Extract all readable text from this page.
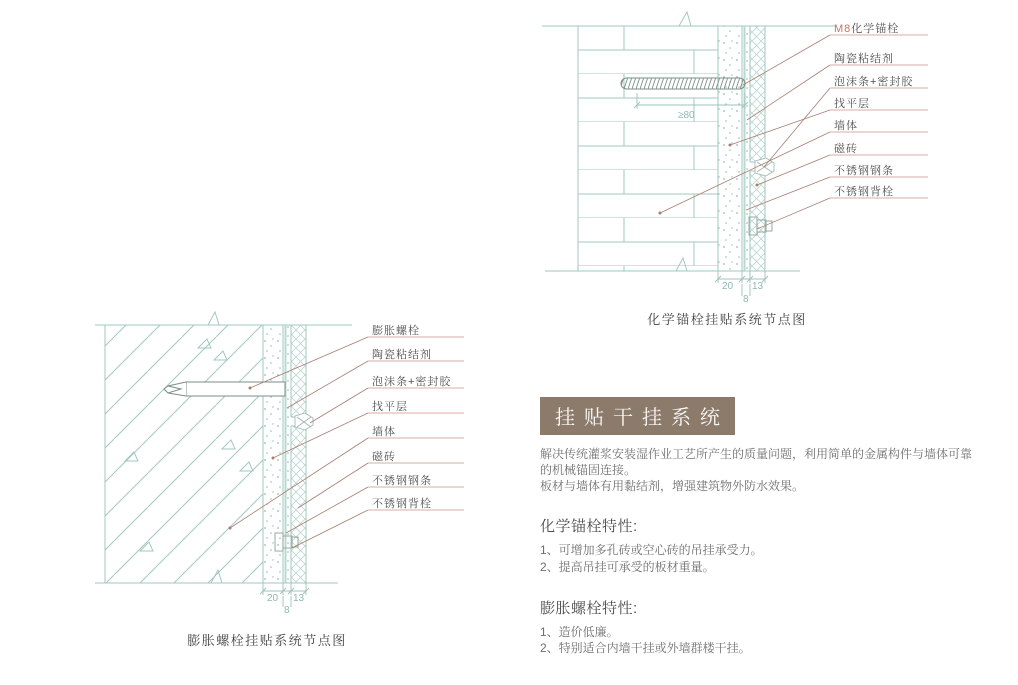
≥80
20 13
8
M8化学锚栓
陶瓷粘结剂
泡沫条+密封胶
找平层
墙体
磁砖
不锈钢钢条
不锈钢背栓
化学锚栓挂贴系统节点图
20 13
8
膨胀螺栓
陶瓷粘结剂
泡沫条+密封胶
找平层
墙体
磁砖
不锈钢钢条
不锈钢背栓
膨胀螺栓挂贴系统节点图
挂贴干挂系统

解决传统灌浆安装湿作业工艺所产生的质量问题，利用简单的金属构件与墙体可靠的机械锚固连接。

板材与墙体有用黏结剂，增强建筑物外防水效果。

化学锚栓特性:
1、可增加多孔砖或空心砖的吊挂承受力。
2、提高吊挂可承受的板材重量。
膨胀螺栓特性:
1、造价低廉。
2、特别适合内墙干挂或外墙群楼干挂。
